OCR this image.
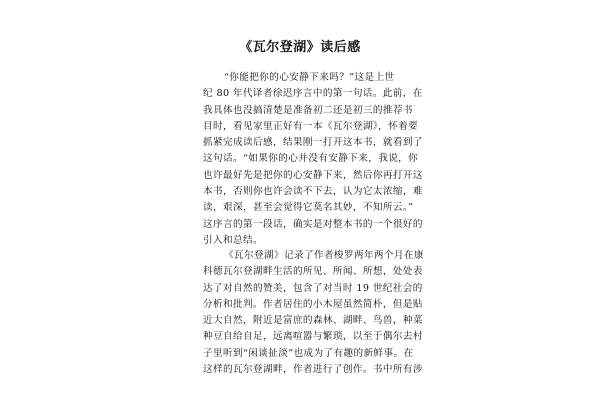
《瓦尔登湖》读后感
“你能把你的心安静下来吗？”这是上世
纪 80 年代译者徐迟序言中的第一句话。此前，在
我具体也没搞清楚是准备初二还是初三的推荐书
目时，看见家里正好有一本《瓦尔登湖》，怀着要
抓紧完成读后感，结果刚一打开这本书，就看到了
这句话。“如果你的心并没有安静下来，我说，你
也许最好先是把你的心安静下来，然后你再打开这
本书，否则你也许会读不下去，认为它太浓缩，难
读，艰深，甚至会觉得它莫名其妙，不知所云。”
这序言的第一段话，确实是对整本书的一个很好的
引入和总结。
《瓦尔登湖》记录了作者梭罗两年两个月在康
科德瓦尔登湖畔生活的所见、所闻、所想，处处表
达了对自然的赞美，包含了对当时 19 世纪社会的
分析和批判。作者居住的小木屋虽然简朴，但是贴
近大自然，附近是富庶的森林、湖畔、鸟兽，种菜
种豆自给自足，远离喧嚣与繁琐，以至于偶尔去村
子里听到“闲谈扯淡”也成为了有趣的新鲜事。在
这样的瓦尔登湖畔，作者进行了创作。书中所有涉
